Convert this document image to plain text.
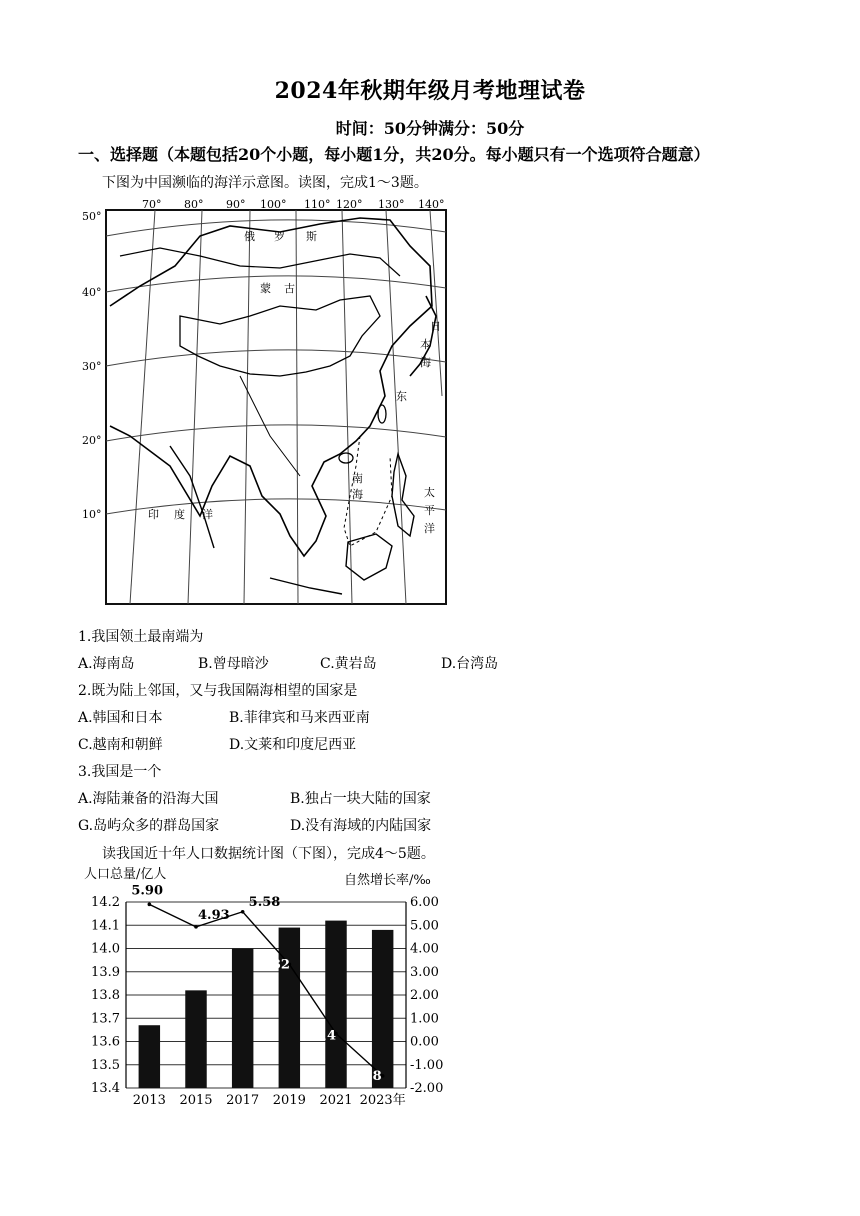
2024年秋期年级月考地理试卷
时间：50分钟满分：50分
一、选择题（本题包括20个小题，每小题1分，共20分。每小题只有一个选项符合题意）
下图为中国濒临的海洋示意图。读图，完成1～3题。
70° 80° 90° 100° 110° 120° 130° 140°
50°
40°
30°
20°
10°
俄 罗 斯
蒙 古
日
本
海
东
南
海	太
平
洋
印 度 洋
1.我国领土最南端为
A.海南岛	B.曾母暗沙	C.黄岩岛	D.台湾岛
2.既为陆上邻国，又与我国隔海相望的国家是
A.韩国和日本	B.菲律宾和马来西亚南
C.越南和朝鲜	D.文莱和印度尼西亚
3.我国是一个
A.海陆兼备的沿海大国	B.独占一块大陆的国家
G.岛屿众多的群岛国家	D.没有海域的内陆国家
读我国近十年人口数据统计图（下图），完成4～5题。
人口总量/亿人	自然增长率/‰
5.90
4.93
5.58
.32
14
8
14.2
14.1
14.0
13.9
13.8
13.7
13.6
13.5
13.4
6.00
5.00
4.00
3.00
2.00
1.00
0.00
-1.00
-2.00
2013 2015 2017 2019 2021 2023年
